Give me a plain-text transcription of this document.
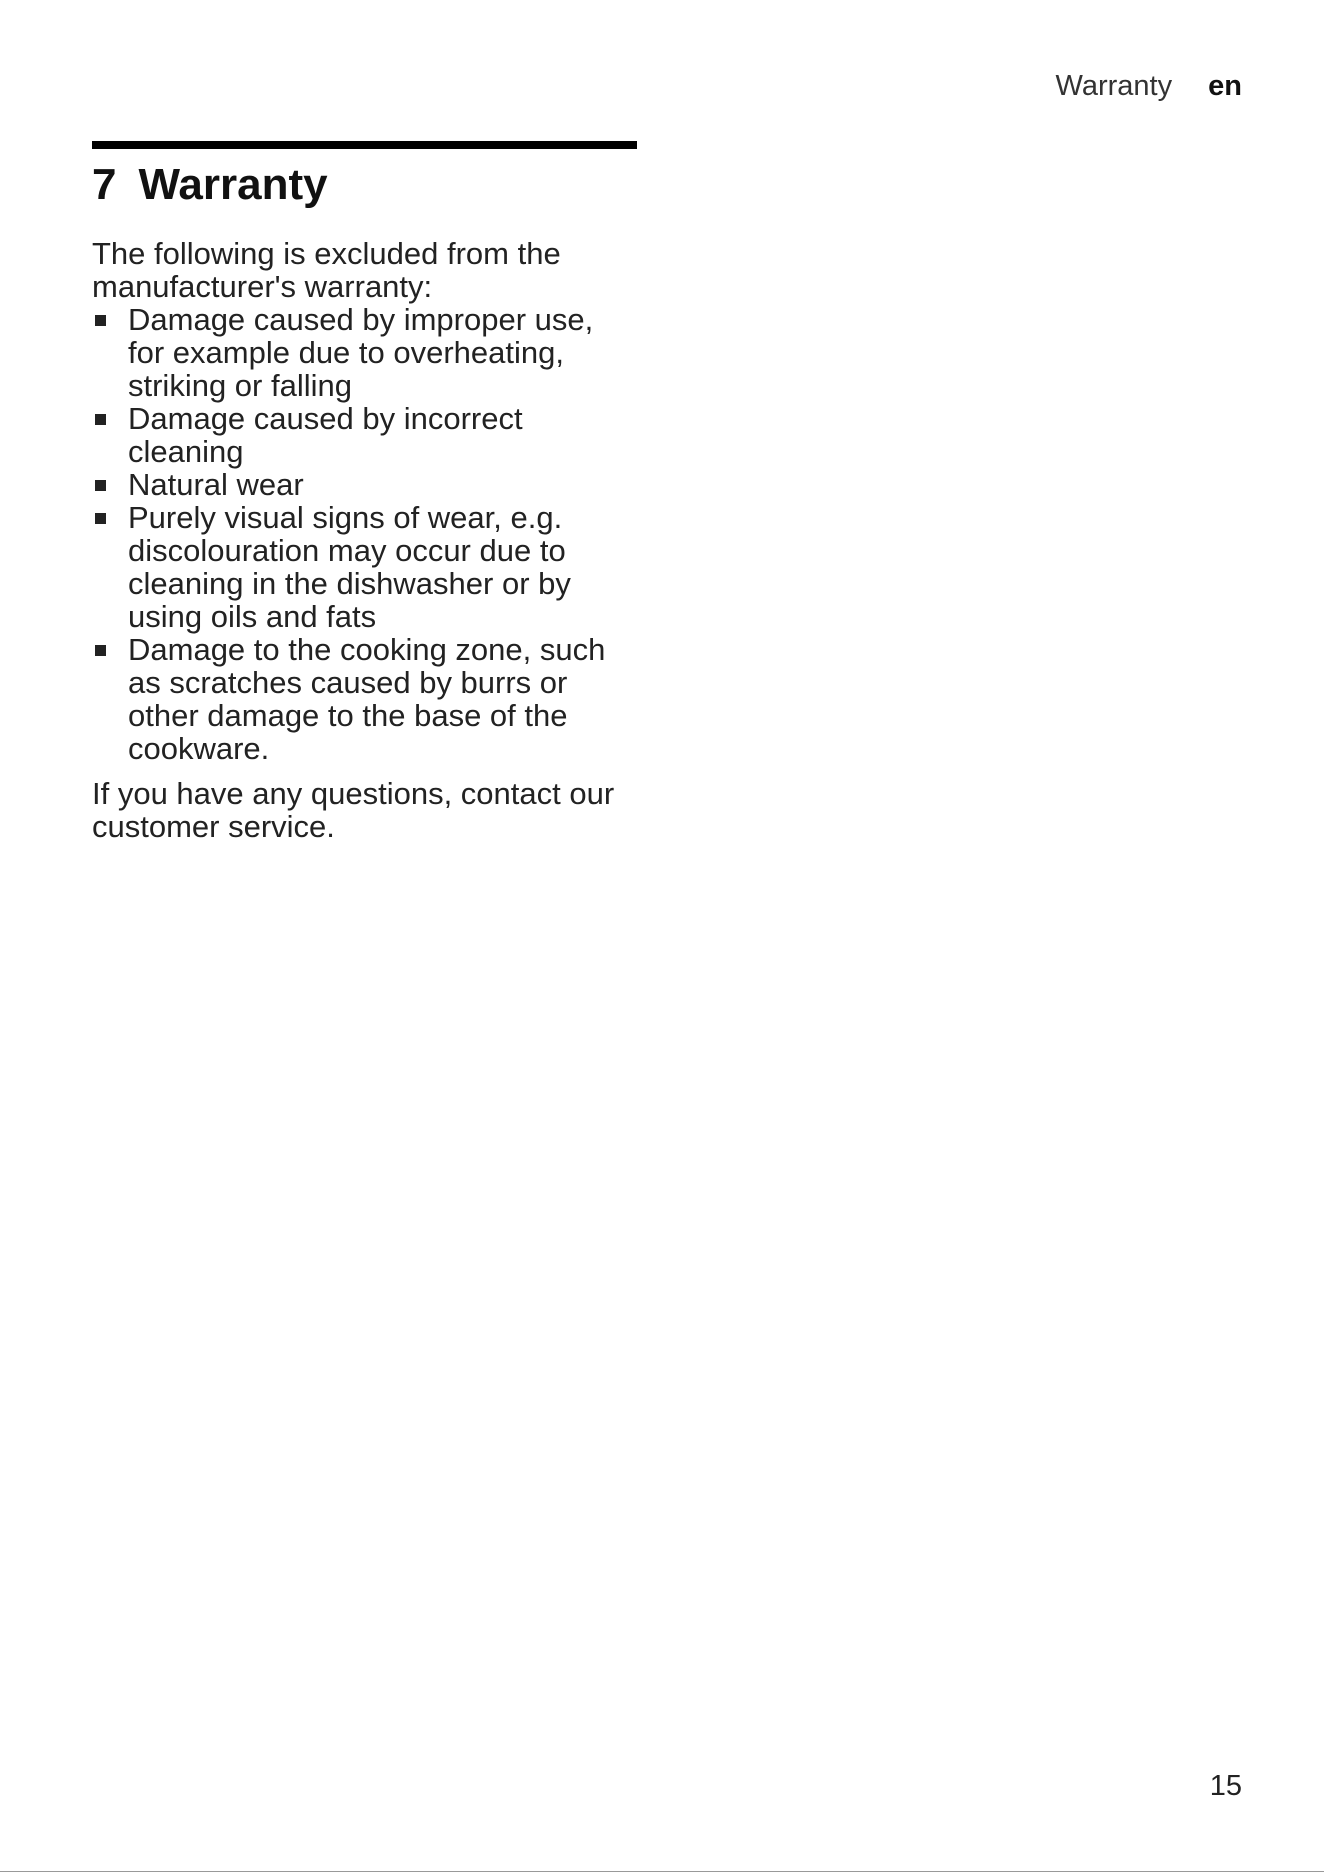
Warranty en
7 Warranty

The following is excluded from the manufacturer's warranty:

Damage caused by improper use, for example due to overheating, striking or falling
Damage caused by incorrect cleaning
Natural wear
Purely visual signs of wear, e.g. discolouration may occur due to cleaning in the dishwasher or by using oils and fats
Damage to the cooking zone, such as scratches caused by burrs or other damage to the base of the cookware.

If you have any questions, contact our customer service.

15
